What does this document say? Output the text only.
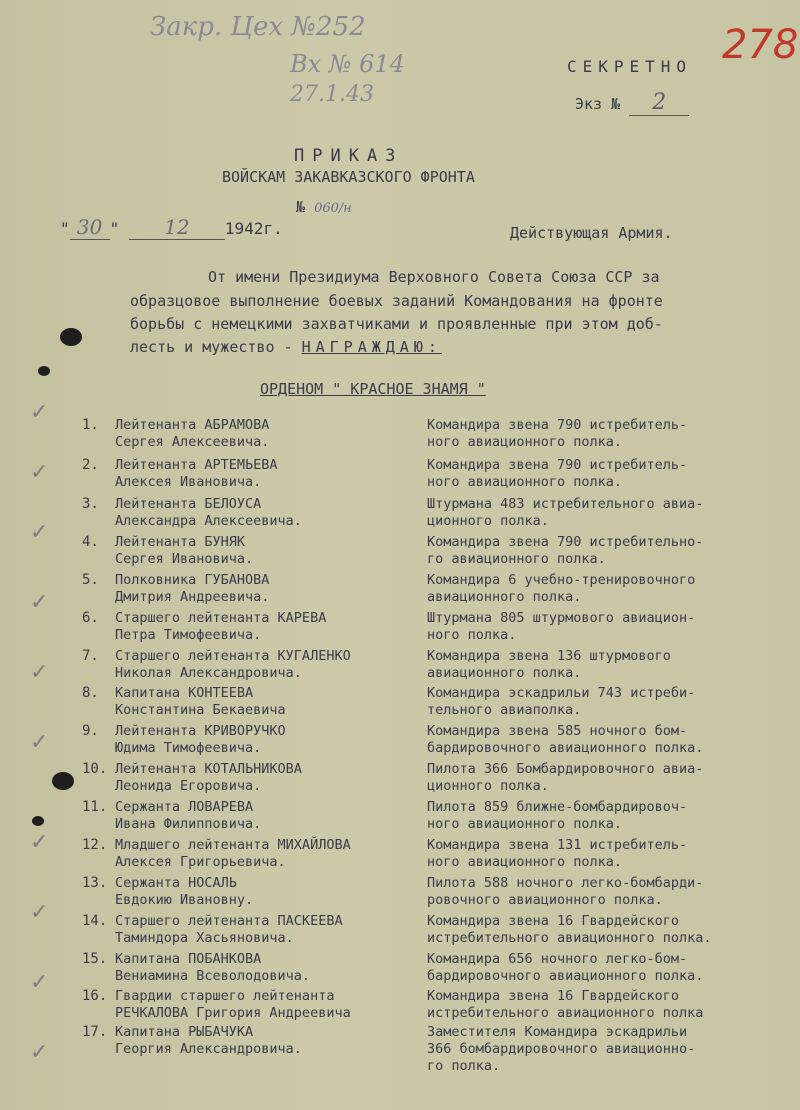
Закр. Цех №252
Вх № 614
27.1.43
278
СЕКРЕТНО
Экз № 2
ПРИКАЗ
ВОЙСКАМ ЗАКАВКАЗСКОГО ФРОНТА
№ 060/н
" 30 " 12 1942г.	Действующая Армия.
От имени Президиума Верховного Совета Союза ССР за
образцовое выполнение боевых заданий Командования на фронте
борьбы с немецкими захватчиками и проявленные при этом доб-
лесть и мужество - НАГРАЖДАЮ:
ОРДЕНОМ " КРАСНОЕ ЗНАМЯ "
✓
✓
✓
✓
✓
✓
✓
✓
✓
✓
1. Лейтенанта АБРАМОВА
Сергея Алексеевича.
Командира звена 790 истребитель-
ного авиационного полка.
2. Лейтенанта АРТЕМЬЕВА
Алексея Ивановича.
Командира звена 790 истребитель-
ного авиационного полка.
3. Лейтенанта БЕЛОУСА
Александра Алексеевича.
Штурмана 483 истребительного авиа-
ционного полка.
4. Лейтенанта БУНЯК
Сергея Ивановича.
Командира звена 790 истребительно-
го авиационного полка.
5. Полковника ГУБАНОВА
Дмитрия Андреевича.
Командира 6 учебно-тренировочного
авиационного полка.
6. Старшего лейтенанта КАРЕВА
Петра Тимофеевича.
Штурмана 805 штурмового авиацион-
ного полка.
7. Старшего лейтенанта КУГАЛЕНКО
Николая Александровича.
Командира звена 136 штурмового
авиационного полка.
8. Капитана КОНТЕЕВА
Константина Бекаевича
Командира эскадрильи 743 истреби-
тельного авиаполка.
9. Лейтенанта КРИВОРУЧКО
Юдима Тимофеевича.
Командира звена 585 ночного бом-
бардировочного авиационного полка.
10. Лейтенанта КОТАЛЬНИКОВА
Леонида Егоровича.
Пилота 366 Бомбардировочного авиа-
ционного полка.
11. Сержанта ЛОВАРЕВА
Ивана Филипповича.
Пилота 859 ближне-бомбардировоч-
ного авиационного полка.
12. Младшего лейтенанта МИХАЙЛОВА
Алексея Григорьевича.
Командира звена 131 истребитель-
ного авиационного полка.
13. Сержанта НОСАЛЬ
Евдокию Ивановну.
Пилота 588 ночного легко-бомбарди-
ровочного авиационного полка.
14. Старшего лейтенанта ПАСКЕЕВА
Таминдора Хасьяновича.
Командира звена 16 Гвардейского
истребительного авиационного полка.
15. Капитана ПОБАНКОВА
Вениамина Всеволодовича.
Командира 656 ночного легко-бом-
бардировочного авиационного полка.
16. Гвардии старшего лейтенанта
РЕЧКАЛОВА Григория Андреевича
Командира звена 16 Гвардейского
истребительного авиационного полка
17. Капитана РЫБАЧУКА
Георгия Александровича.
Заместителя Командира эскадрильи
366 бомбардировочного авиационно-
го полка.
